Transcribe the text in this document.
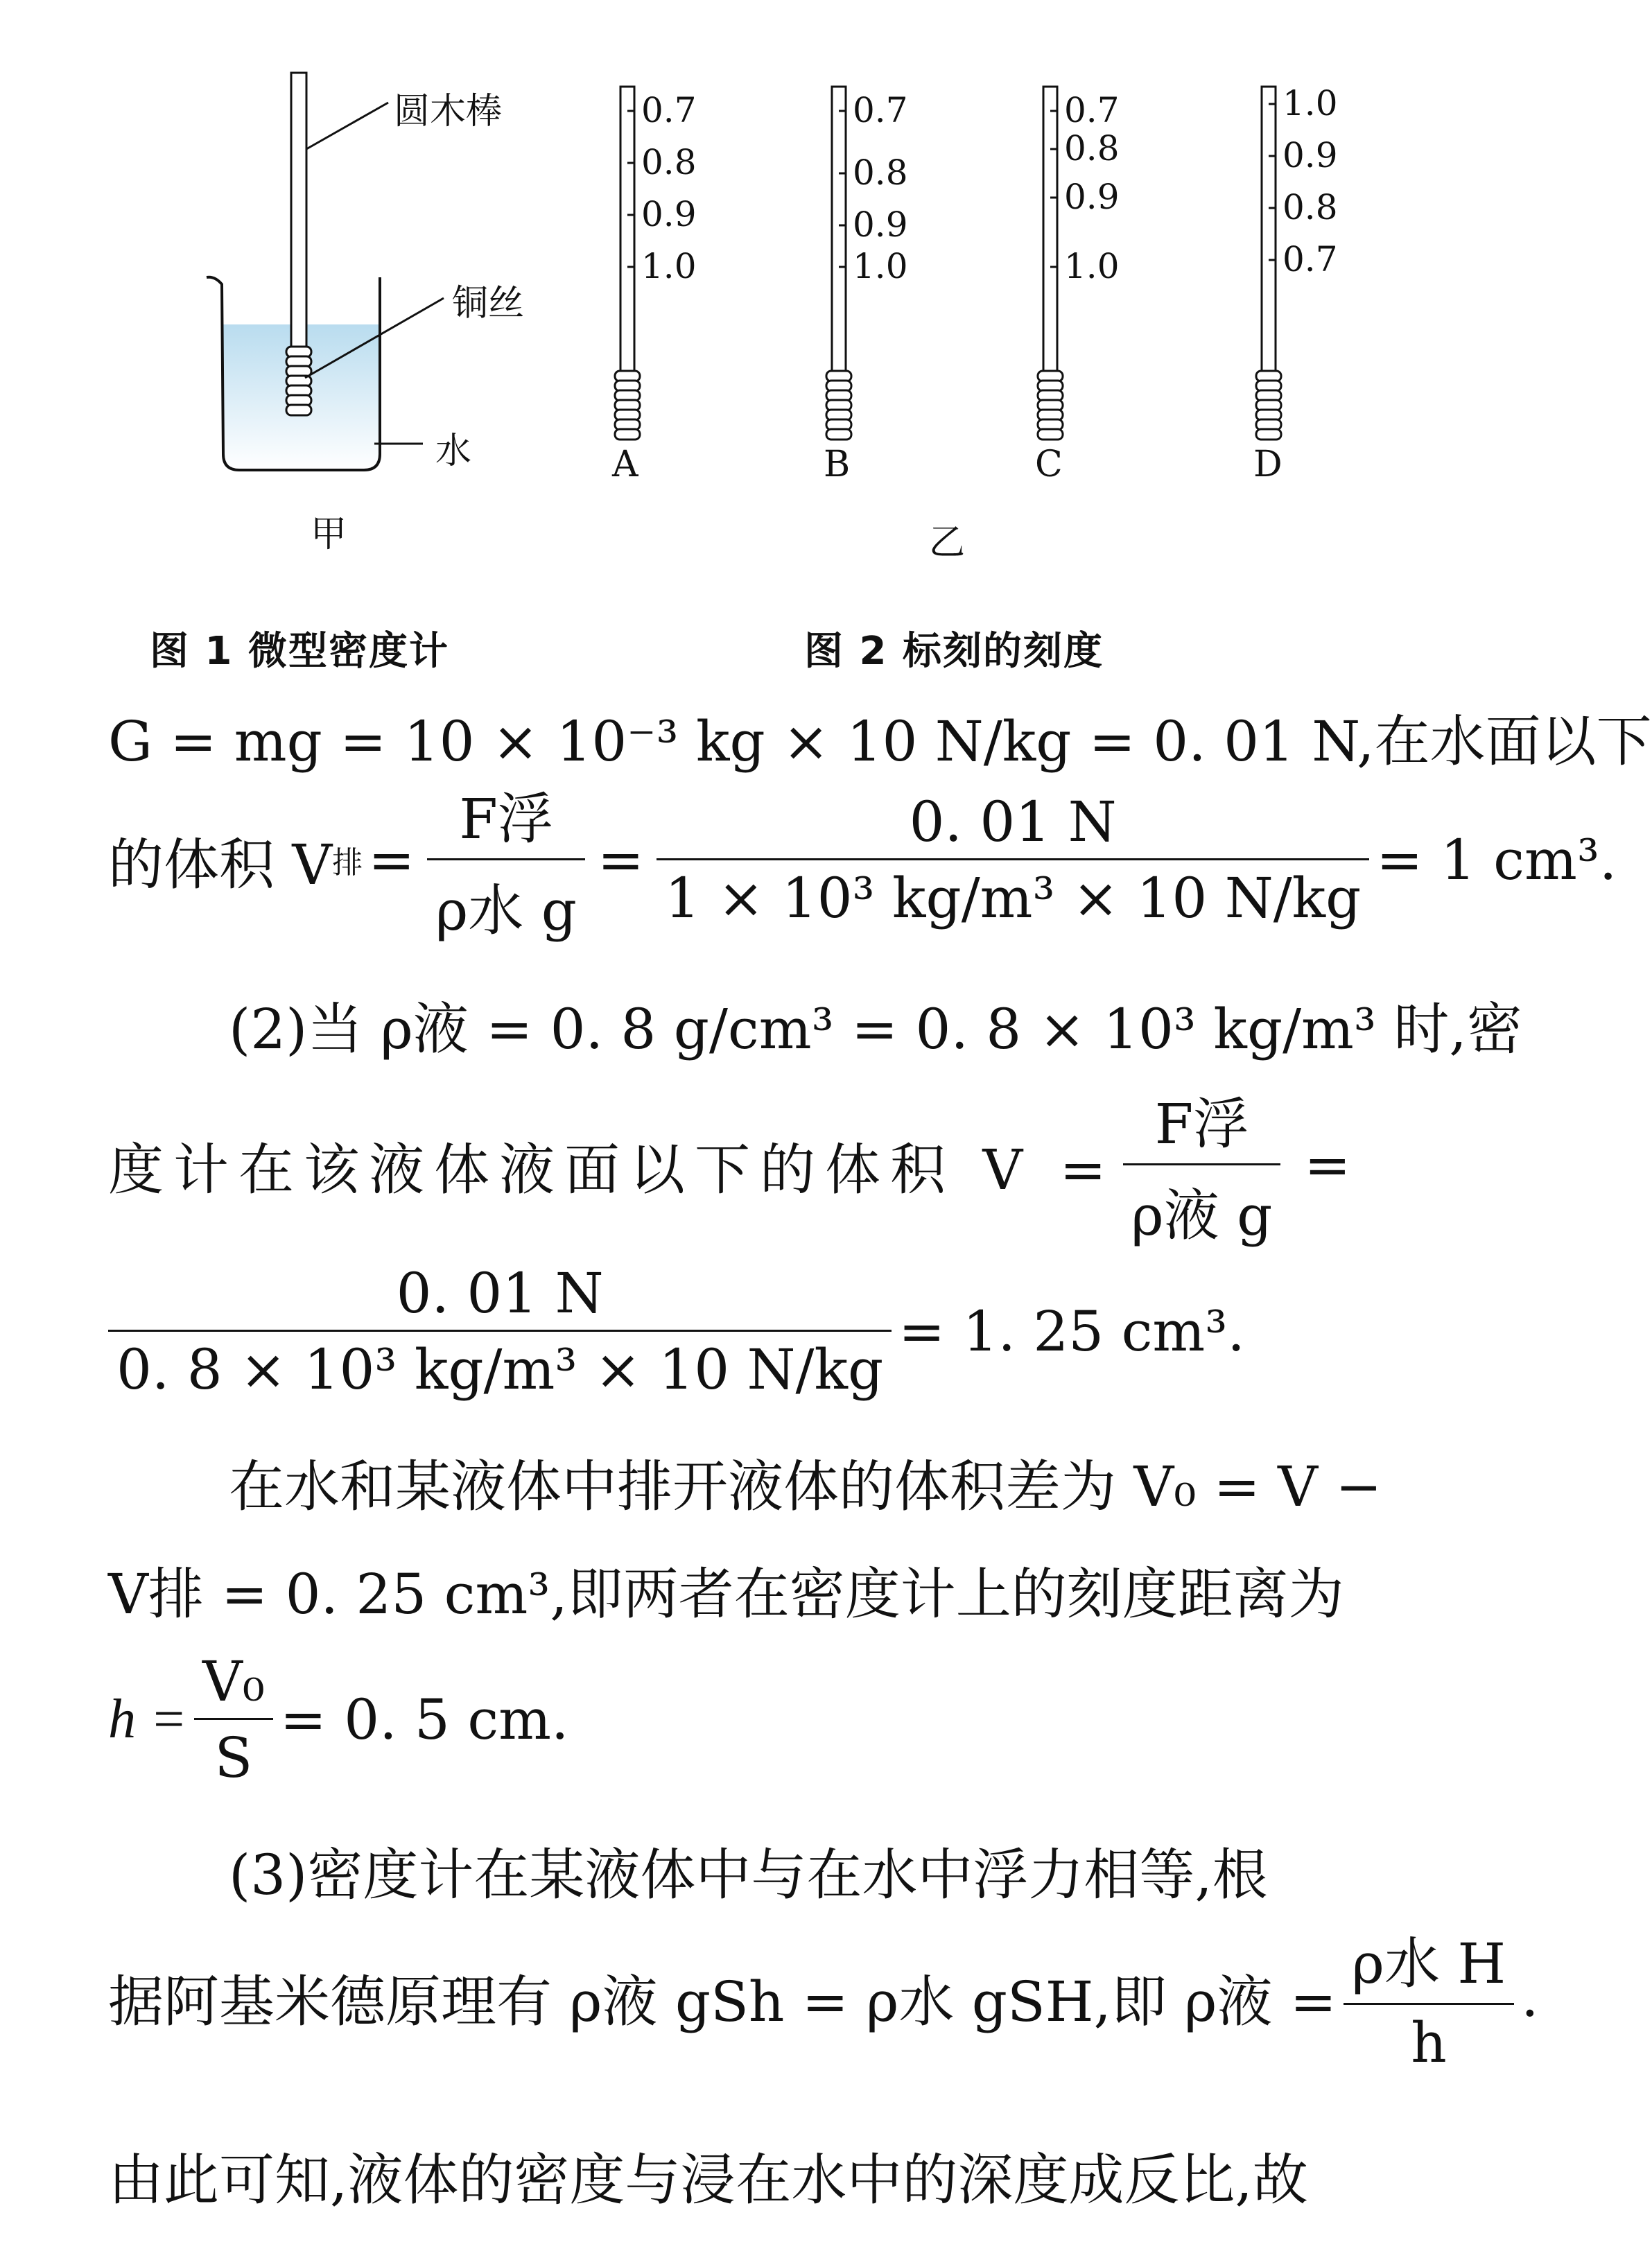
圆木棒
铜丝
水
甲
0.7
0.8
0.9
1.0
A
0.7
0.8
0.9
1.0
B
0.7
0.8
0.9
1.0
C
1.0
0.9
0.8
0.7
D
乙
图 1 微型密度计	图 2 标刻的刻度
G = mg = 10 × 10⁻³ kg × 10 N/kg = 0. 01 N,在水面以下
的体积 V 排 = $\frac{\text{F浮}}{\text{ρ水 g}} = \frac{0. 01 N}{\text{1 × 10³ kg/m³ × 10 N/kg}} = 1$ cm³.
(2)当 ρ液 = 0. 8 g/cm³ = 0. 8 × 10³ kg/m³ 时,密
度计在该液体液面以下的体积 $V = \frac{\text{F浮}}{\text{ρ液 g}}$ =
$\frac{0. 01 N}{\text{0. 8 × 10³ kg/m³ × 10 N/kg}} = 1$. 25 cm³.
在水和某液体中排开液体的体积差为 V₀ = V −
V排 = 0. 25 cm³,即两者在密度计上的刻度距离为
$h = \frac{\text{V₀}}{S} = 0$. 5 cm.
(3)密度计在某液体中与在水中浮力相等,根
据阿基米德原理有 ρ液 gSh = ρ水 gSH,即 ρ液 = $\frac{\text{ρ水 H}}{h}$ .
由此可知,液体的密度与浸在水中的深度成反比,故
